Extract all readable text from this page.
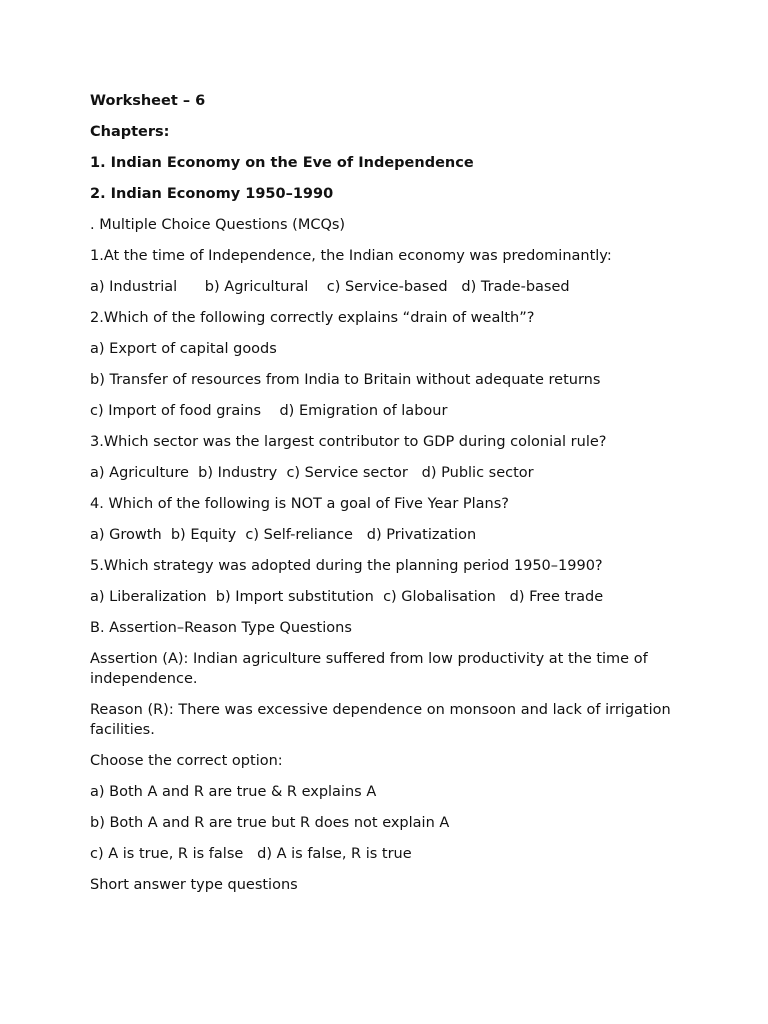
Worksheet – 6
Chapters:
1. Indian Economy on the Eve of Independence
2. Indian Economy 1950–1990
. Multiple Choice Questions (MCQs)
1.At the time of Independence, the Indian economy was predominantly:
a) Industrial      b) Agricultural    c) Service-based   d) Trade-based
2.Which of the following correctly explains “drain of wealth”?
a) Export of capital goods
b) Transfer of resources from India to Britain without adequate returns
c) Import of food grains    d) Emigration of labour
3.Which sector was the largest contributor to GDP during colonial rule?
a) Agriculture  b) Industry  c) Service sector   d) Public sector
4. Which of the following is NOT a goal of Five Year Plans?
a) Growth  b) Equity  c) Self-reliance   d) Privatization
5.Which strategy was adopted during the planning period 1950–1990?
a) Liberalization  b) Import substitution  c) Globalisation   d) Free trade
B. Assertion–Reason Type Questions
Assertion (A): Indian agriculture suffered from low productivity at the time of independence.
Reason (R): There was excessive dependence on monsoon and lack of irrigation facilities.
Choose the correct option:
a) Both A and R are true & R explains A
b) Both A and R are true but R does not explain A
c) A is true, R is false   d) A is false, R is true
Short answer type questions
